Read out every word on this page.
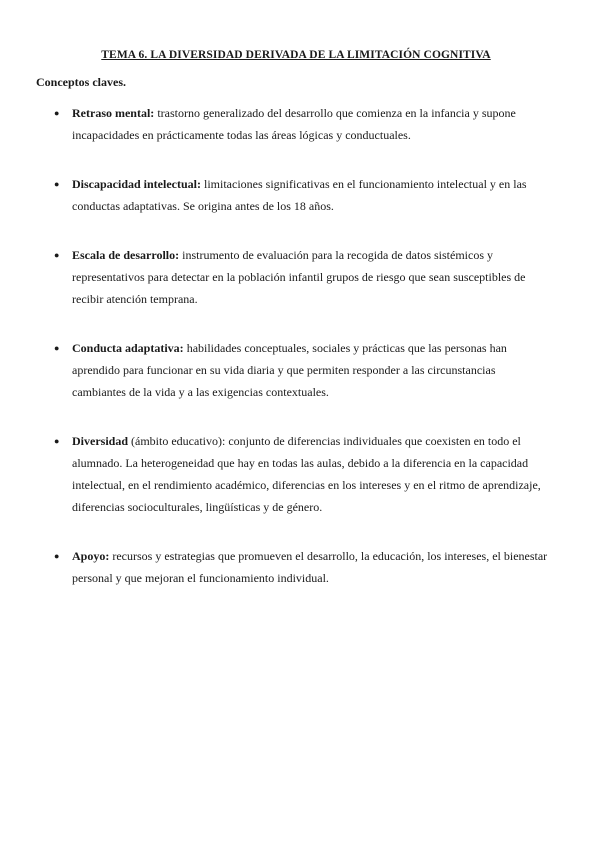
TEMA 6. LA DIVERSIDAD DERIVADA DE LA LIMITACIÓN COGNITIVA
Conceptos claves.
● Retraso mental: trastorno generalizado del desarrollo que comienza en la infancia y supone incapacidades en prácticamente todas las áreas lógicas y conductuales.
● Discapacidad intelectual: limitaciones significativas en el funcionamiento intelectual y en las conductas adaptativas. Se origina antes de los 18 años.
● Escala de desarrollo: instrumento de evaluación para la recogida de datos sistémicos y representativos para detectar en la población infantil grupos de riesgo que sean susceptibles de recibir atención temprana.
● Conducta adaptativa: habilidades conceptuales, sociales y prácticas que las personas han aprendido para funcionar en su vida diaria y que permiten responder a las circunstancias cambiantes de la vida y a las exigencias contextuales.
● Diversidad (ámbito educativo): conjunto de diferencias individuales que coexisten en todo el alumnado. La heterogeneidad que hay en todas las aulas, debido a la diferencia en la capacidad intelectual, en el rendimiento académico, diferencias en los intereses y en el ritmo de aprendizaje, diferencias socioculturales, lingüísticas y de género.
● Apoyo: recursos y estrategias que promueven el desarrollo, la educación, los intereses, el bienestar personal y que mejoran el funcionamiento individual.
